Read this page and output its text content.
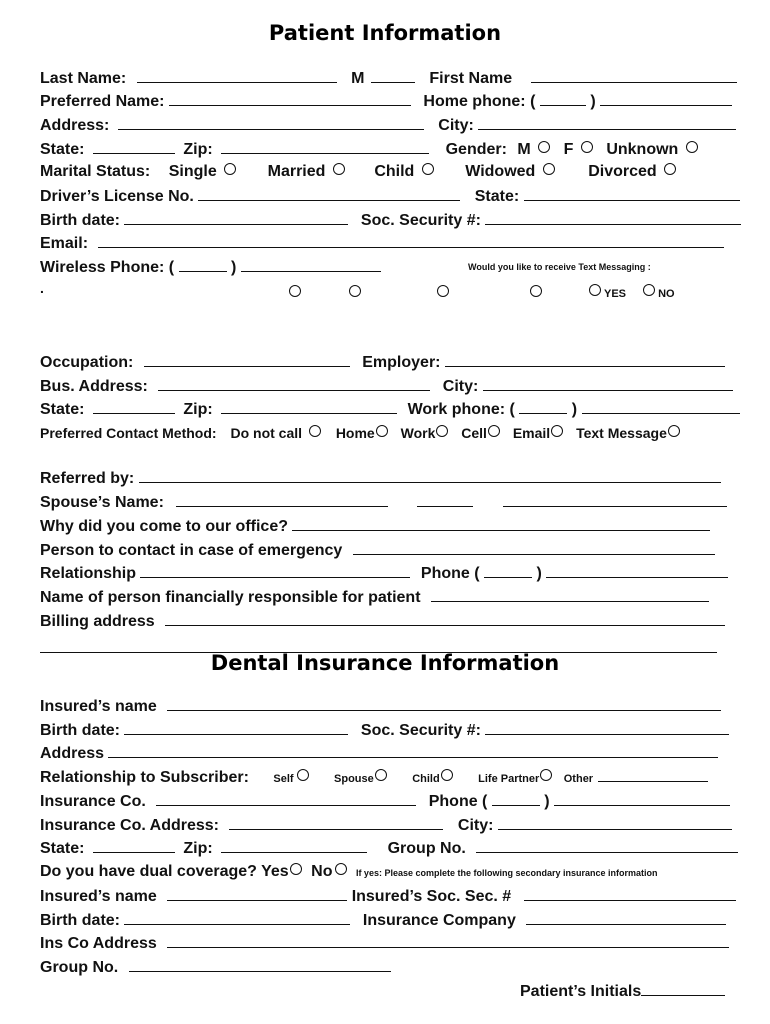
Patient Information
Last Name:	M	First Name
Preferred Name:	Home phone: (	)
Address:	City:
State:	Zip:	Gender: M F Unknown
Marital Status: Single	Married	Child	Widowed	Divorced
Driver’s License No.	State:
Birth date:	Soc. Security #:
Email:
Wireless Phone: (	)	Would you like to receive Text Messaging :
.	YES	NO
Occupation:	Employer:
Bus. Address:	City:
State:	Zip:	Work phone: (	)
Preferred Contact Method: Do not call Home Work Cell Email Text Message
Referred by:
Spouse’s Name:
Why did you come to our office?
Person to contact in case of emergency
Relationship	Phone (	)
Name of person financially responsible for patient
Billing address
Dental Insurance Information
Insured’s name
Birth date:	Soc. Security #:
Address
Relationship to Subscriber: Self	Spouse	Child	Life Partner Other
Insurance Co.	Phone (	)
Insurance Co. Address:	City:
State:	Zip:	Group No.
Do you have dual coverage? Yes No	If yes: Please complete the following secondary insurance information
Insured’s name	Insured’s Soc. Sec. #
Birth date:	Insurance Company
Ins Co Address
Group No.
Patient’s Initials
